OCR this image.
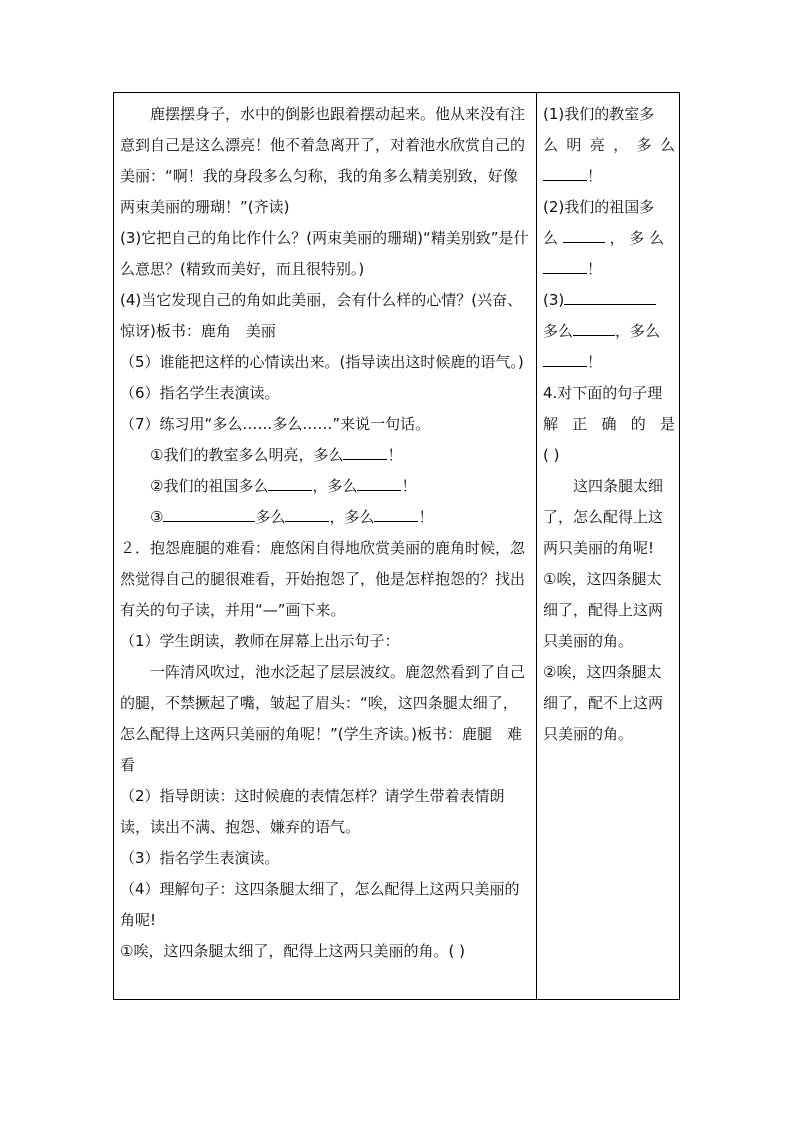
鹿摆摆身子，水中的倒影也跟着摆动起来。他从来没有注意到自己是这么漂亮！他不着急离开了，对着池水欣赏自己的美丽：“啊！我的身段多么匀称，我的角多么精美别致，好像两束美丽的珊瑚！”(齐读)

(3)它把自己的角比作什么？(两束美丽的珊瑚)“精美别致”是什么意思？(精致而美好，而且很特别。)

(4)当它发现自己的角如此美丽，会有什么样的心情？(兴奋、惊讶)板书：鹿角　美丽

（5）谁能把这样的心情读出来。(指导读出这时候鹿的语气。)

（6）指名学生表演读。

（7）练习用“多么……多么……”来说一句话。

①我们的教室多么明亮，多么	！

②我们的祖国多么	，多么	！

③	多么	，多么	！

２．抱怨鹿腿的难看：鹿悠闲自得地欣赏美丽的鹿角时候，忽然觉得自己的腿很难看，开始抱怨了，他是怎样抱怨的？找出有关的句子读，并用“—”画下来。

（1）学生朗读，教师在屏幕上出示句子：

一阵清风吹过，池水泛起了层层波纹。鹿忽然看到了自己的腿，不禁撅起了嘴，皱起了眉头：“唉，这四条腿太细了，怎么配得上这两只美丽的角呢！”(学生齐读。)板书：鹿腿　难看

（2）指导朗读：这时候鹿的表情怎样？请学生带着表情朗读，读出不满、抱怨、嫌弃的语气。

（3）指名学生表演读。

（4）理解句子：这四条腿太细了，怎么配得上这两只美丽的角呢!

①唉，这四条腿太细了，配得上这两只美丽的角。( )

(1)我们的教室多

么 明 亮 ， 多 么

！

(2)我们的祖国多

么	， 多 么

！

(3)

多么	，多么

！

4.对下面的句子理

解 正 确 的 是

( )

这四条腿太细了，怎么配得上这两只美丽的角呢!

①唉，这四条腿太细了，配得上这两只美丽的角。

②唉，这四条腿太细了，配不上这两只美丽的角。
